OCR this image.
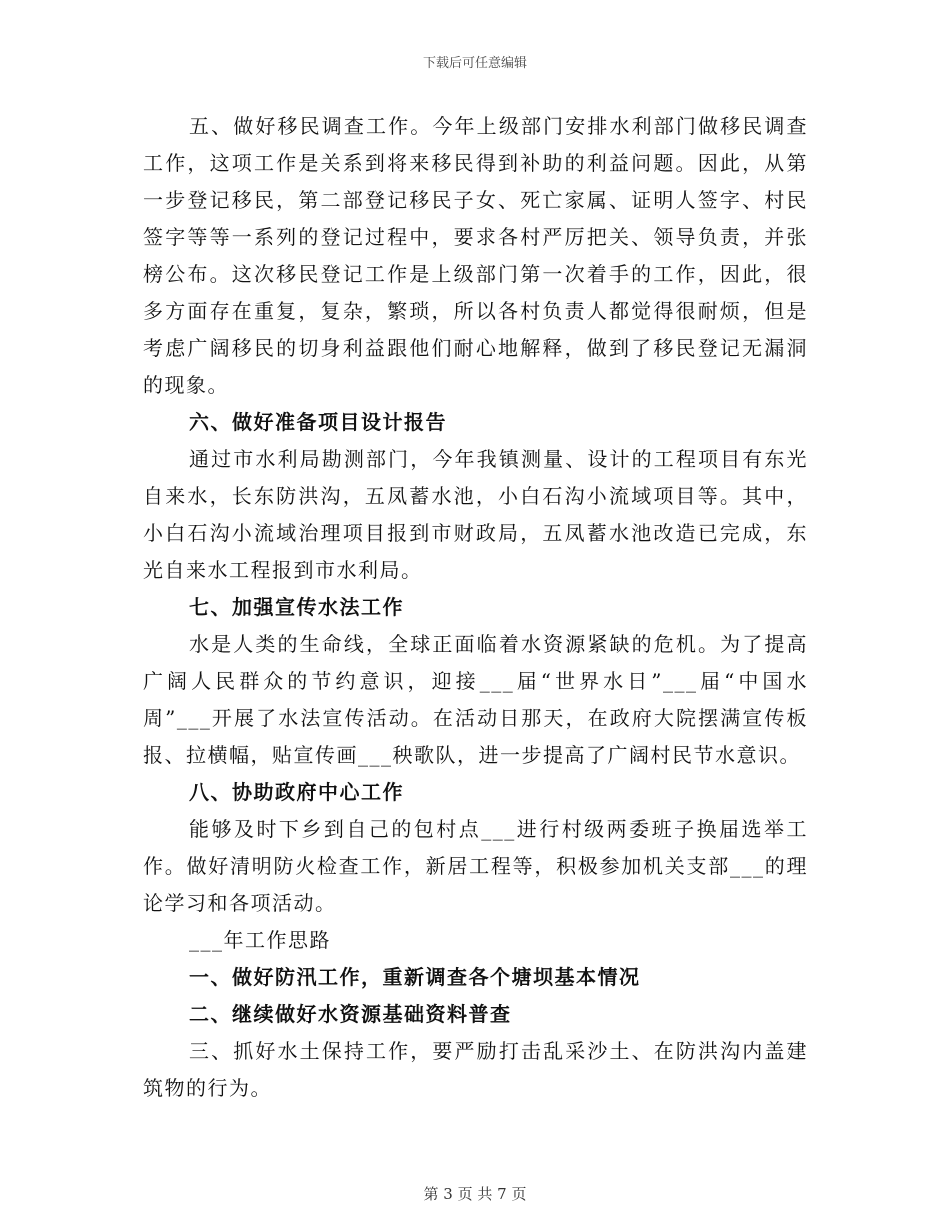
下载后可任意编辑

五、做好移民调查工作。今年上级部门安排水利部门做移民调查工作，这项工作是关系到将来移民得到补助的利益问题。因此，从第一步登记移民，第二部登记移民子女、死亡家属、证明人签字、村民签字等等一系列的登记过程中，要求各村严厉把关、领导负责，并张榜公布。这次移民登记工作是上级部门第一次着手的工作，因此，很多方面存在重复，复杂，繁琐，所以各村负责人都觉得很耐烦，但是考虑广阔移民的切身利益跟他们耐心地解释，做到了移民登记无漏洞的现象。

六、做好准备项目设计报告

通过市水利局勘测部门，今年我镇测量、设计的工程项目有东光自来水，长东防洪沟，五凤蓄水池，小白石沟小流域项目等。其中，小白石沟小流域治理项目报到市财政局，五凤蓄水池改造已完成，东光自来水工程报到市水利局。

七、加强宣传水法工作

水是人类的生命线，全球正面临着水资源紧缺的危机。为了提高广阔人民群众的节约意识，迎接___届“世界水日”___届“中国水周”___开展了水法宣传活动。在活动日那天，在政府大院摆满宣传板报、拉横幅，贴宣传画___秧歌队，进一步提高了广阔村民节水意识。

八、协助政府中心工作

能够及时下乡到自己的包村点___进行村级两委班子换届选举工作。做好清明防火检查工作，新居工程等，积极参加机关支部___的理论学习和各项活动。

___年工作思路

一、做好防汛工作，重新调查各个塘坝基本情况

二、继续做好水资源基础资料普查

三、抓好水土保持工作，要严励打击乱采沙土、在防洪沟内盖建筑物的行为。

第 3 页 共 7 页
